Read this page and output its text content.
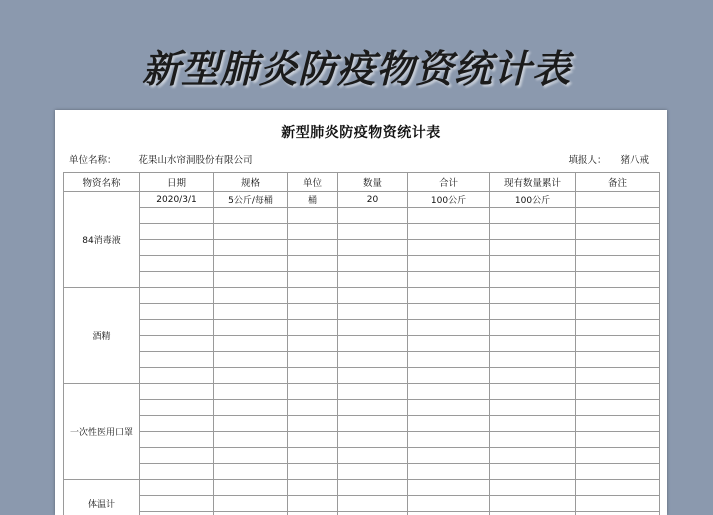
新型肺炎防疫物资统计表
新型肺炎防疫物资统计表
单位名称：	花果山水帘洞股份有限公司	填报人：	猪八戒
物资名称	日期	规格	单位	数量	合计	现有数量累计	备注
84消毒液	2020/3/1	5公斤/每桶	桶	20	100公斤	100公斤	

酒精							

一次性医用口罩							

体温计							
